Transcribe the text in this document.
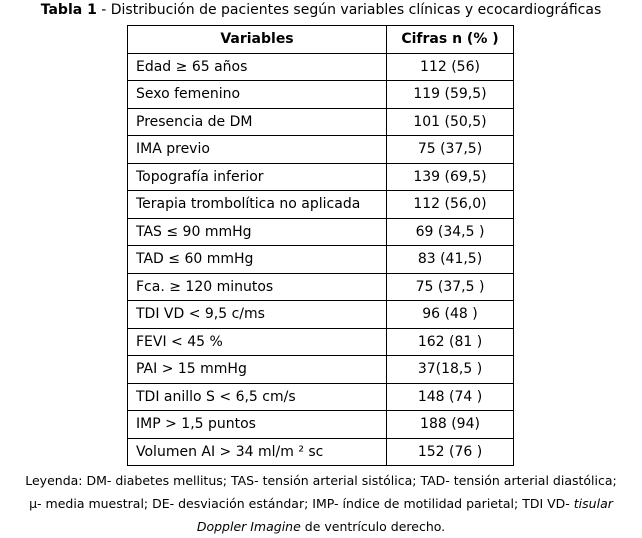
Tabla 1 - Distribución de pacientes según variables clínicas y ecocardiográficas
Variables	Cifras n (% )
Edad ≥ 65 años	112 (56)
Sexo femenino	119 (59,5)
Presencia de DM	101 (50,5)
IMA previo	75 (37,5)
Topografía inferior	139 (69,5)
Terapia trombolítica no aplicada	112 (56,0)
TAS ≤ 90 mmHg	69 (34,5 )
TAD ≤ 60 mmHg	83 (41,5)
Fca. ≥ 120 minutos	75 (37,5 )
TDI VD < 9,5 c/ms	96 (48 )
FEVI < 45 %	162 (81 )
PAI > 15 mmHg	37(18,5 )
TDI anillo S < 6,5 cm/s	148 (74 )
IMP > 1,5 puntos	188 (94)
Volumen AI > 34 ml/m ² sc	152 (76 )
Leyenda: DM- diabetes mellitus; TAS- tensión arterial sistólica; TAD- tensión arterial diastólica;
μ- media muestral; DE- desviación estándar; IMP- índice de motilidad parietal; TDI VD- tisular
Doppler Imagine de ventrículo derecho.
